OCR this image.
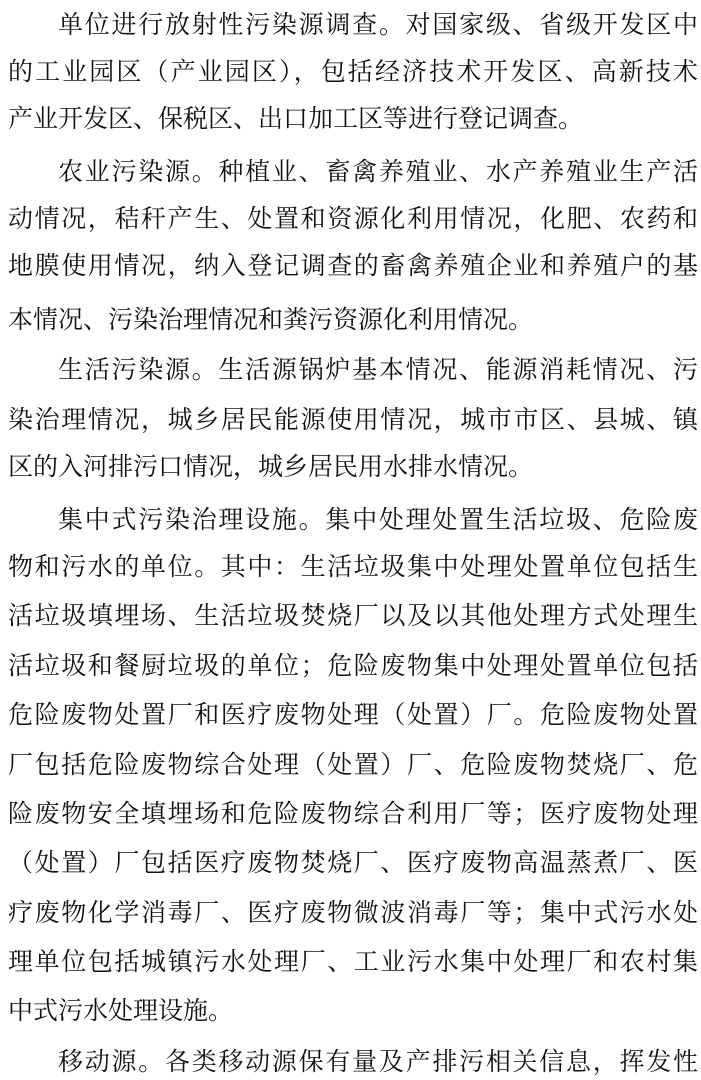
单位进行放射性污染源调查。对国家级、省级开发区中
的工业园区（产业园区），包括经济技术开发区、高新技术
产业开发区、保税区、出口加工区等进行登记调查。
农业污染源。种植业、畜禽养殖业、水产养殖业生产活
动情况，秸秆产生、处置和资源化利用情况，化肥、农药和
地膜使用情况，纳入登记调查的畜禽养殖企业和养殖户的基
本情况、污染治理情况和粪污资源化利用情况。
生活污染源。生活源锅炉基本情况、能源消耗情况、污
染治理情况，城乡居民能源使用情况，城市市区、县城、镇
区的入河排污口情况，城乡居民用水排水情况。
集中式污染治理设施。集中处理处置生活垃圾、危险废
物和污水的单位。其中：生活垃圾集中处理处置单位包括生
活垃圾填埋场、生活垃圾焚烧厂以及以其他处理方式处理生
活垃圾和餐厨垃圾的单位；危险废物集中处理处置单位包括
危险废物处置厂和医疗废物处理（处置）厂。危险废物处置
厂包括危险废物综合处理（处置）厂、危险废物焚烧厂、危
险废物安全填埋场和危险废物综合利用厂等；医疗废物处理
（处置）厂包括医疗废物焚烧厂、医疗废物高温蒸煮厂、医
疗废物化学消毒厂、医疗废物微波消毒厂等；集中式污水处
理单位包括城镇污水处理厂、工业污水集中处理厂和农村集
中式污水处理设施。
移动源。各类移动源保有量及产排污相关信息，挥发性
